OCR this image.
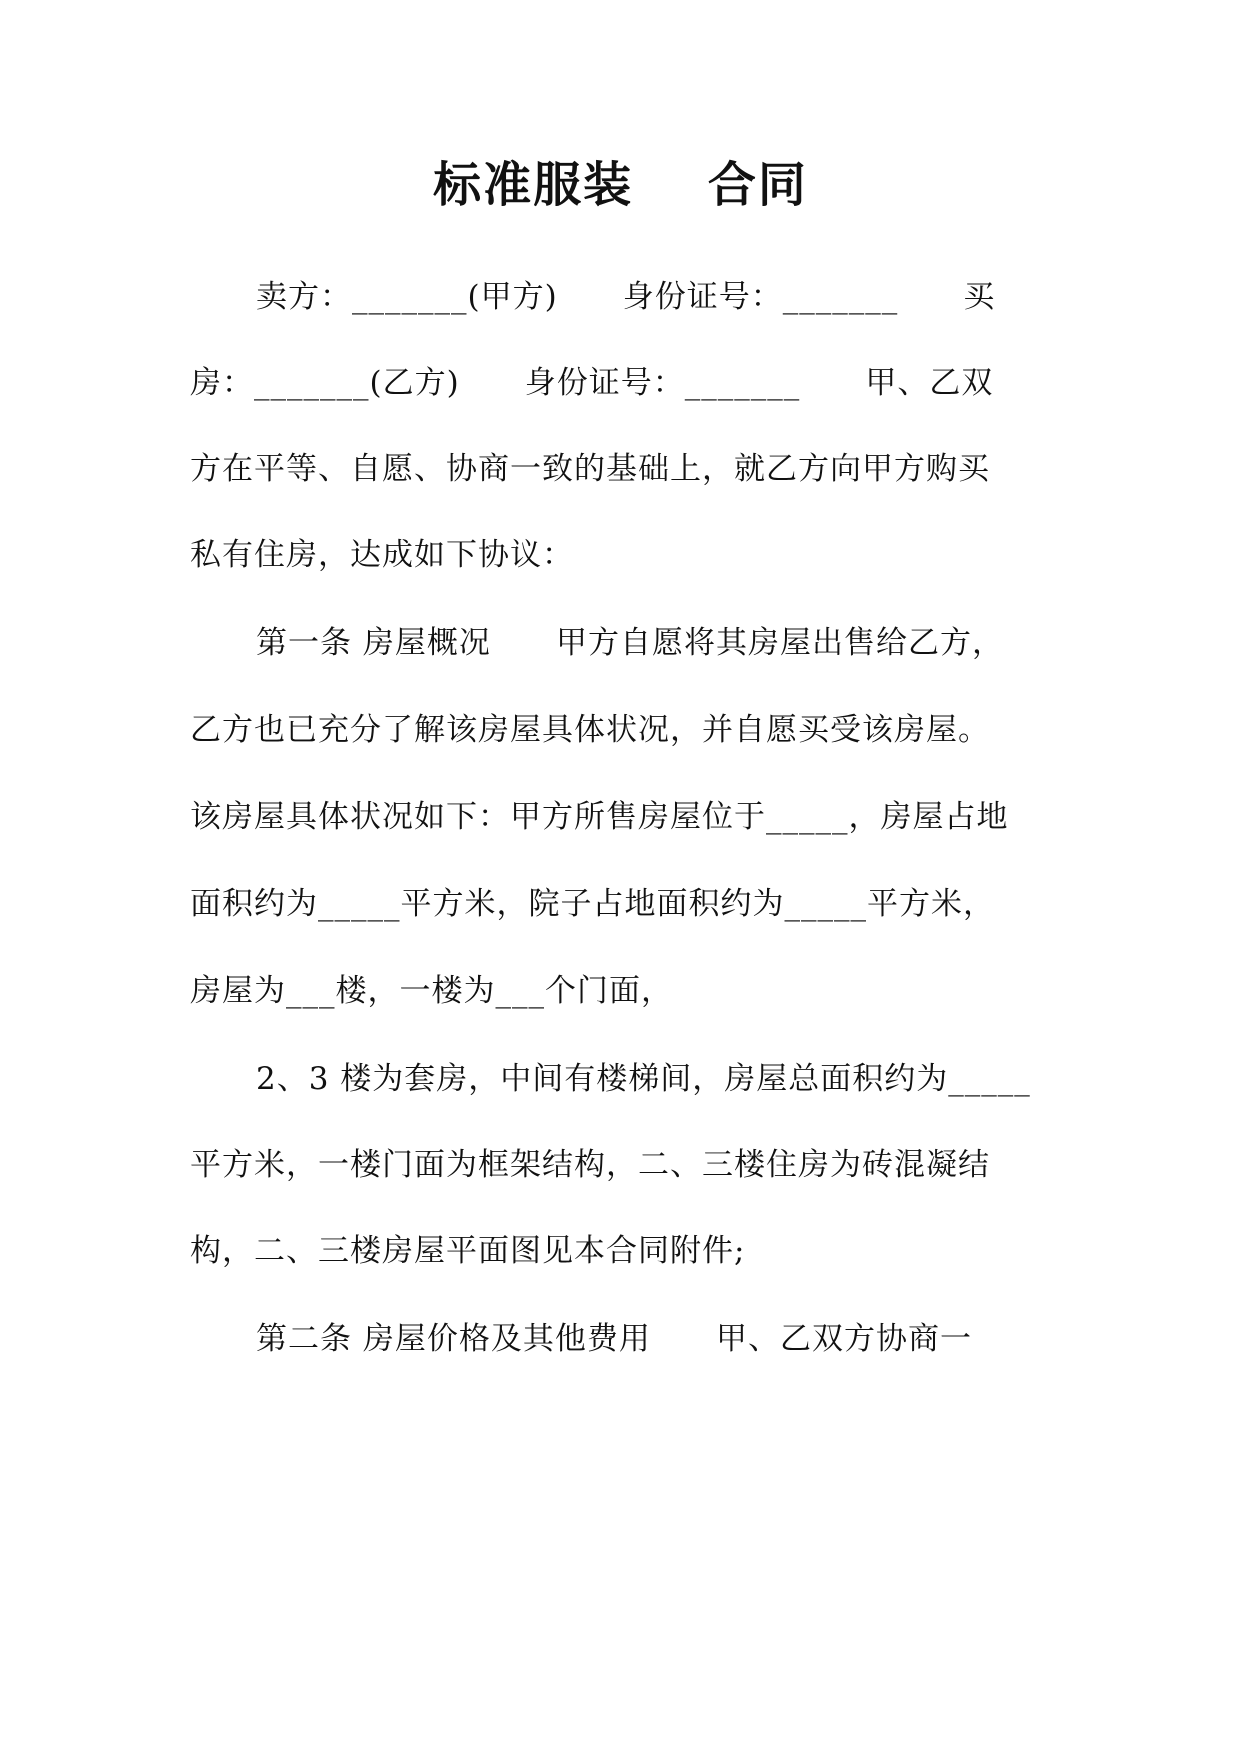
标准服装    合同
卖方：_______(甲方)      身份证号：_______      买
房：_______(乙方)      身份证号：_______      甲、乙双
方在平等、自愿、协商一致的基础上，就乙方向甲方购买
私有住房，达成如下协议：
第一条 房屋概况      甲方自愿将其房屋出售给乙方，
乙方也已充分了解该房屋具体状况，并自愿买受该房屋。
该房屋具体状况如下：甲方所售房屋位于_____，房屋占地
面积约为_____平方米，院子占地面积约为_____平方米，
房屋为___楼，一楼为___个门面，
2、3 楼为套房，中间有楼梯间，房屋总面积约为_____
平方米，一楼门面为框架结构，二、三楼住房为砖混凝结
构，二、三楼房屋平面图见本合同附件;
第二条 房屋价格及其他费用      甲、乙双方协商一
